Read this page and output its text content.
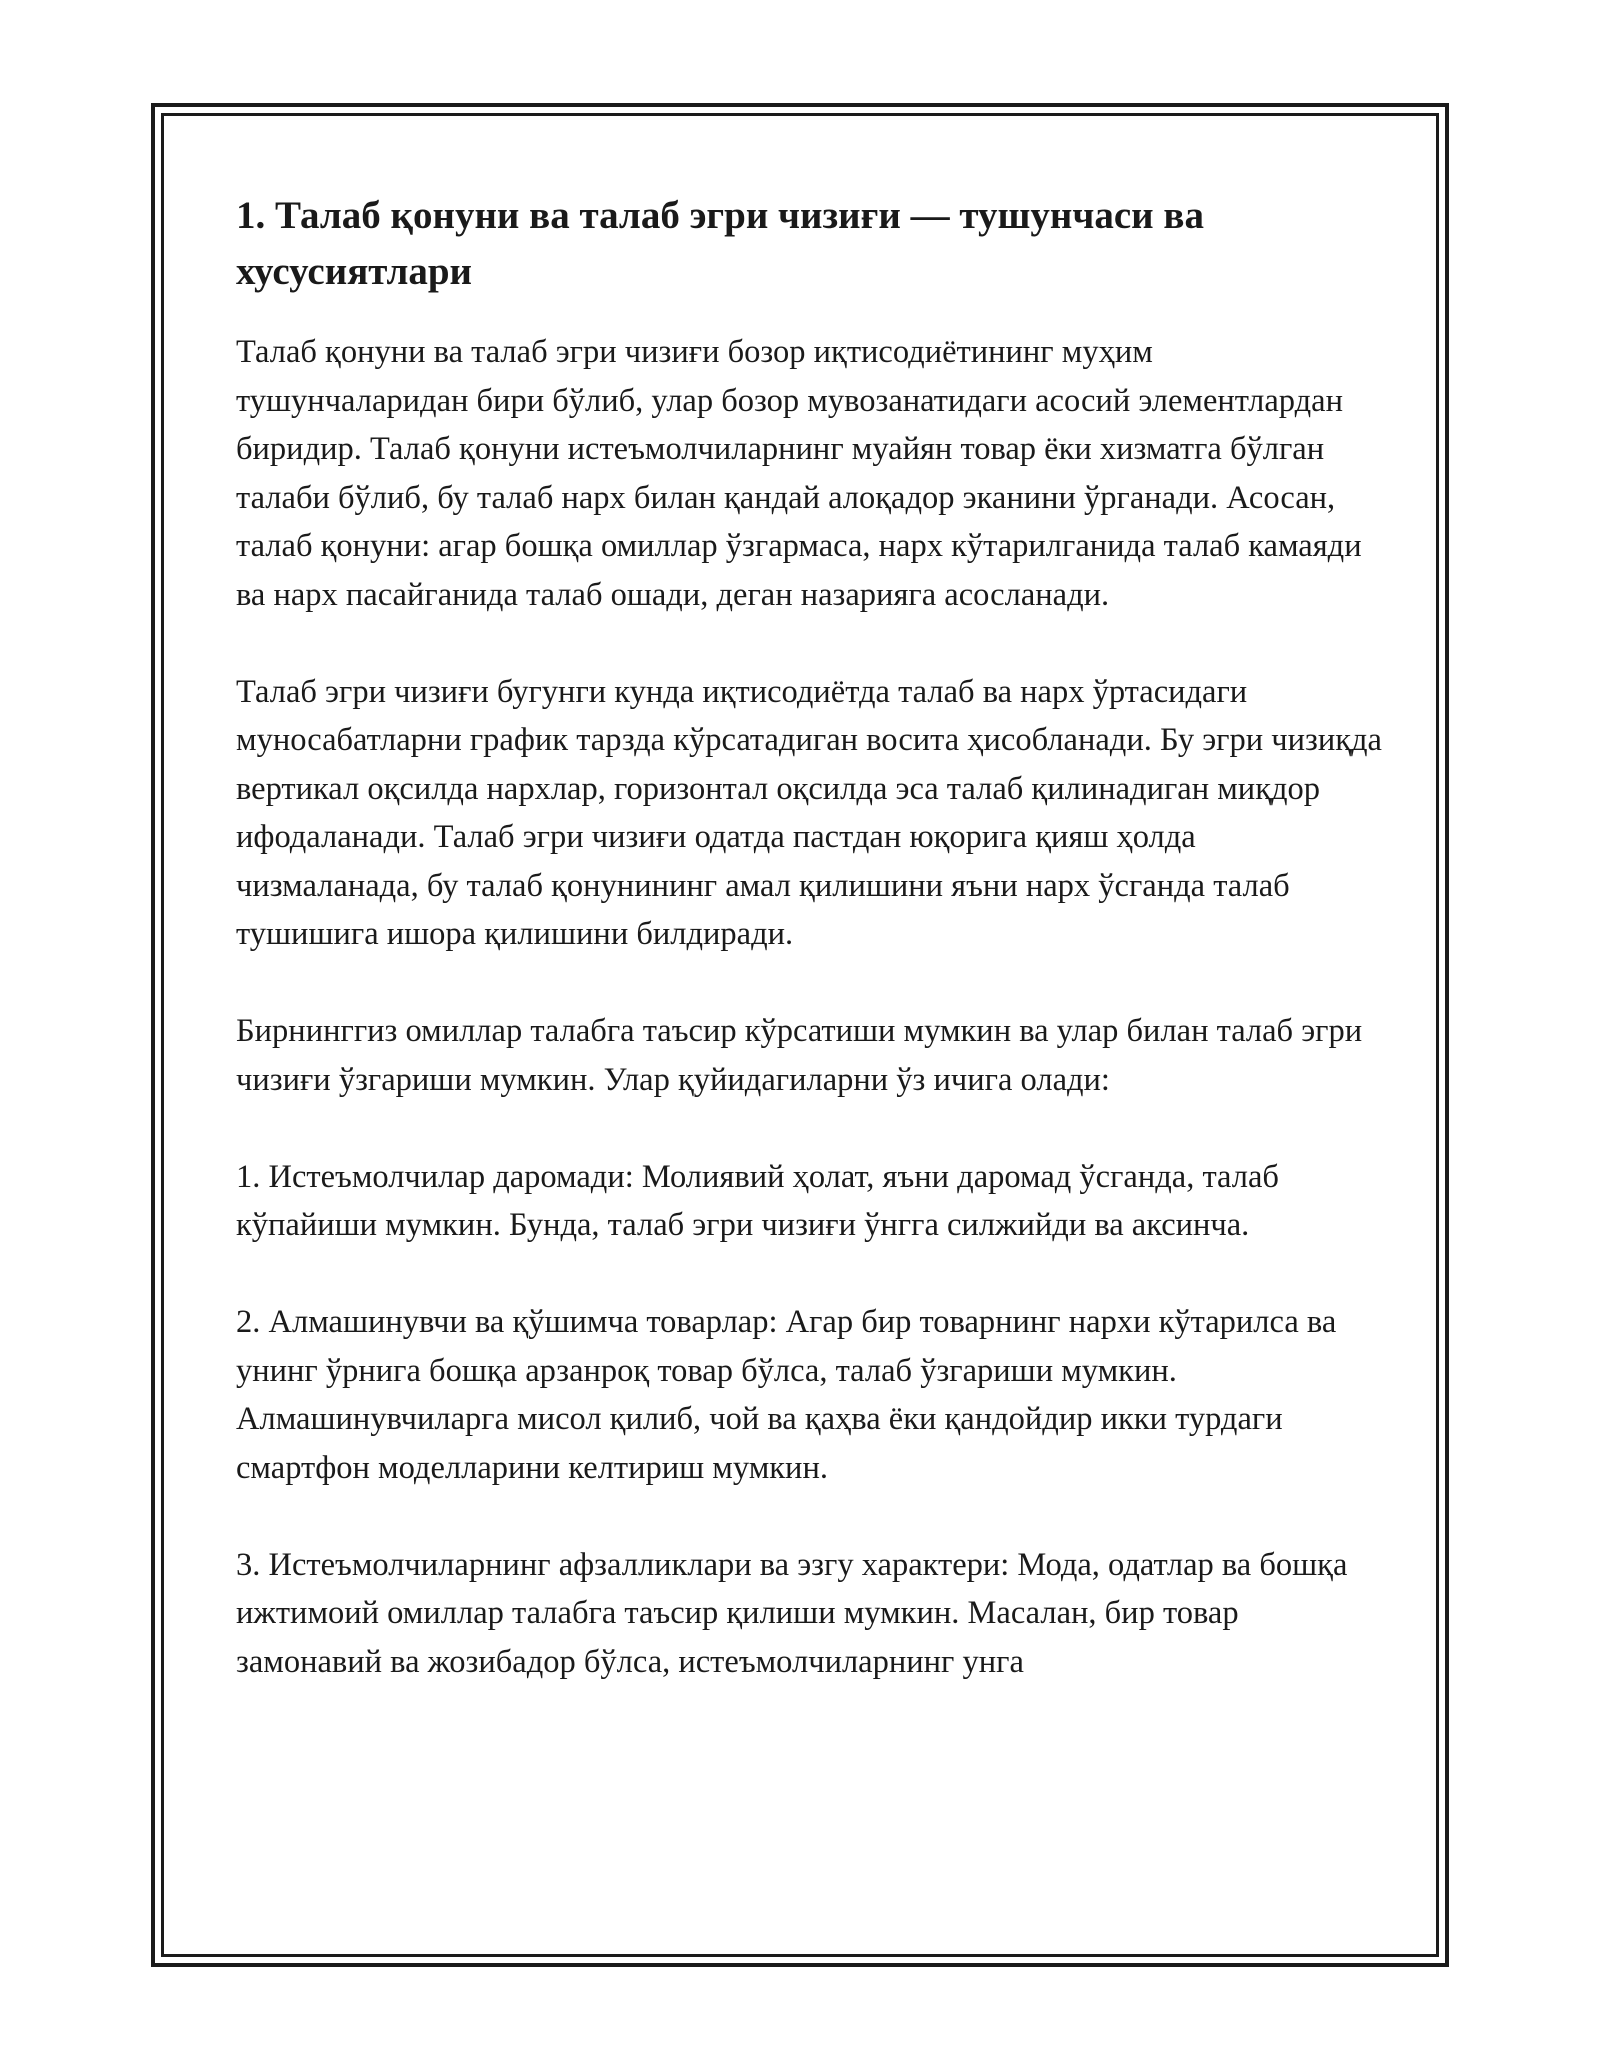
1. Талаб қонуни ва талаб эгри чизиғи — тушунчаси ва хусусиятлари

Талаб қонуни ва талаб эгри чизиғи бозор иқтисодиётининг муҳим тушунчаларидан бири бўлиб, улар бозор мувозанатидаги асосий элементлардан биридир. Талаб қонуни истеъмолчиларнинг муайян товар ёки хизматга бўлган талаби бўлиб, бу талаб нарх билан қандай алоқадор эканини ўрганади. Асосан, талаб қонуни: агар бошқа омиллар ўзгармаса, нарх кўтарилганида талаб камаяди ва нарх пасайганида талаб ошади, деган назарияга асосланади.

Талаб эгри чизиғи бугунги кунда иқтисодиётда талаб ва нарх ўртасидаги муносабатларни график тарзда кўрсатадиган восита ҳисобланади. Бу эгри чизиқда вертикал оқсилда нархлар, горизонтал оқсилда эса талаб қилинадиган миқдор ифодаланади. Талаб эгри чизиғи одатда пастдан юқорига қияш ҳолда чизмаланада, бу талаб қонунининг амал қилишини яъни нарх ўсганда талаб тушишига ишора қилишини билдиради.

Бирнинггиз омиллар талабга таъсир кўрсатиши мумкин ва улар билан талаб эгри чизиғи ўзгариши мумкин. Улар қуйидагиларни ўз ичига олади:

1. Истеъмолчилар даромади: Молиявий ҳолат, яъни даромад ўсганда, талаб кўпайиши мумкин. Бунда, талаб эгри чизиғи ўнгга силжийди ва аксинча.

2. Алмашинувчи ва қўшимча товарлар: Агар бир товарнинг нархи кўтарилса ва унинг ўрнига бошқа арзанроқ товар бўлса, талаб ўзгариши мумкин. Алмашинувчиларга мисол қилиб, чой ва қаҳва ёки қандойдир икки турдаги смартфон моделларини келтириш мумкин.

3. Истеъмолчиларнинг афзалликлари ва эзгу характери: Мода, одатлар ва бошқа ижтимоий омиллар талабга таъсир қилиши мумкин. Масалан, бир товар замонавий ва жозибадор бўлса, истеъмолчиларнинг унга
